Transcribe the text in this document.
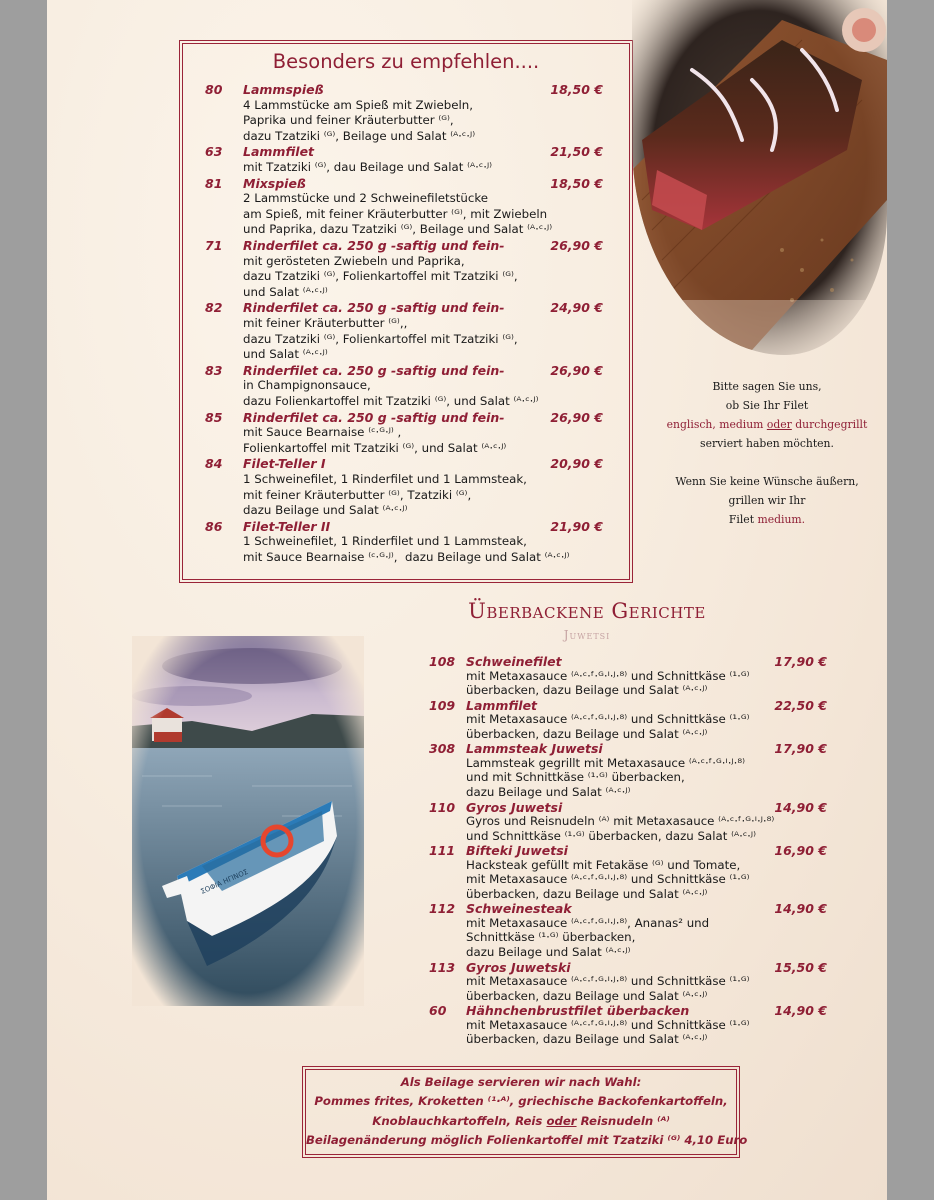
Besonders zu empfehlen....
80 Lammspieß	18,50 €
4 Lammstücke am Spieß mit Zwiebeln,
Paprika und feiner Kräuterbutter ⁽ᴳ⁾,
dazu Tzatziki ⁽ᴳ⁾, Beilage und Salat ⁽ᴬ·ᶜ·ᴶ⁾
63 Lammfilet	21,50 €
mit Tzatziki ⁽ᴳ⁾, dau Beilage und Salat ⁽ᴬ·ᶜ·ᴶ⁾
81 Mixspieß	18,50 €
2 Lammstücke und 2 Schweinefiletstücke
am Spieß, mit feiner Kräuterbutter ⁽ᴳ⁾, mit Zwiebeln
und Paprika, dazu Tzatziki ⁽ᴳ⁾, Beilage und Salat ⁽ᴬ·ᶜ·ᴶ⁾
71 Rinderfilet ca. 250 g -saftig und fein-	26,90 €
mit gerösteten Zwiebeln und Paprika,
dazu Tzatziki ⁽ᴳ⁾, Folienkartoffel mit Tzatziki ⁽ᴳ⁾,
und Salat ⁽ᴬ·ᶜ·ᴶ⁾
82 Rinderfilet ca. 250 g -saftig und fein-	24,90 €
mit feiner Kräuterbutter ⁽ᴳ⁾,,
dazu Tzatziki ⁽ᴳ⁾, Folienkartoffel mit Tzatziki ⁽ᴳ⁾,
und Salat ⁽ᴬ·ᶜ·ᴶ⁾
83 Rinderfilet ca. 250 g -saftig und fein-	26,90 €
in Champignonsauce,
dazu Folienkartoffel mit Tzatziki ⁽ᴳ⁾, und Salat ⁽ᴬ·ᶜ·ᴶ⁾
85 Rinderfilet ca. 250 g -saftig und fein-	26,90 €
mit Sauce Bearnaise ⁽ᶜ·ᴳ·ᴶ⁾ ,
Folienkartoffel mit Tzatziki ⁽ᴳ⁾, und Salat ⁽ᴬ·ᶜ·ᴶ⁾
84 Filet-Teller I	20,90 €
1 Schweinefilet, 1 Rinderfilet und 1 Lammsteak,
mit feiner Kräuterbutter ⁽ᴳ⁾, Tzatziki ⁽ᴳ⁾,
dazu Beilage und Salat ⁽ᴬ·ᶜ·ᴶ⁾
86 Filet-Teller II	21,90 €
1 Schweinefilet, 1 Rinderfilet und 1 Lammsteak,
mit Sauce Bearnaise ⁽ᶜ·ᴳ·ᴶ⁾,  dazu Beilage und Salat ⁽ᴬ·ᶜ·ᴶ⁾
Bitte sagen Sie uns,
ob Sie Ihr Filet
englisch, medium oder durchgegrillt
serviert haben möchten.
Wenn Sie keine Wünsche äußern,
grillen wir Ihr
Filet medium.
Überbackene Gerichte
Juwetsi
108 Schweinefilet	17,90 €
mit Metaxasauce ⁽ᴬ·ᶜ·ᶠ·ᴳ·ᴵ·ᴶ·⁸⁾ und Schnittkäse ⁽¹·ᴳ⁾
überbacken, dazu Beilage und Salat ⁽ᴬ·ᶜ·ᴶ⁾
109 Lammfilet	22,50 €
mit Metaxasauce ⁽ᴬ·ᶜ·ᶠ·ᴳ·ᴵ·ᴶ·⁸⁾ und Schnittkäse ⁽¹·ᴳ⁾
überbacken, dazu Beilage und Salat ⁽ᴬ·ᶜ·ᴶ⁾
308 Lammsteak Juwetsi	17,90 €
Lammsteak gegrillt mit Metaxasauce ⁽ᴬ·ᶜ·ᶠ·ᴳ·ᴵ·ᴶ·⁸⁾
und mit Schnittkäse ⁽¹·ᴳ⁾ überbacken,
dazu Beilage und Salat ⁽ᴬ·ᶜ·ᴶ⁾
110 Gyros Juwetsi	14,90 €
Gyros und Reisnudeln ⁽ᴬ⁾ mit Metaxasauce ⁽ᴬ·ᶜ·ᶠ·ᴳ·ᴵ·ᴶ·⁸⁾
und Schnittkäse ⁽¹·ᴳ⁾ überbacken, dazu Salat ⁽ᴬ·ᶜ·ᴶ⁾
111 Bifteki Juwetsi	16,90 €
Hacksteak gefüllt mit Fetakäse ⁽ᴳ⁾ und Tomate,
mit Metaxasauce ⁽ᴬ·ᶜ·ᶠ·ᴳ·ᴵ·ᴶ·⁸⁾ und Schnittkäse ⁽¹·ᴳ⁾
überbacken, dazu Beilage und Salat ⁽ᴬ·ᶜ·ᴶ⁾
112 Schweinesteak	14,90 €
mit Metaxasauce ⁽ᴬ·ᶜ·ᶠ·ᴳ·ᴵ·ᴶ·⁸⁾, Ananas² und
Schnittkäse ⁽¹·ᴳ⁾ überbacken,
dazu Beilage und Salat ⁽ᴬ·ᶜ·ᴶ⁾
113 Gyros Juwetski	15,50 €
mit Metaxasauce ⁽ᴬ·ᶜ·ᶠ·ᴳ·ᴵ·ᴶ·⁸⁾ und Schnittkäse ⁽¹·ᴳ⁾
überbacken, dazu Beilage und Salat ⁽ᴬ·ᶜ·ᴶ⁾
60 Hähnchenbrustfilet überbacken	14,90 €
mit Metaxasauce ⁽ᴬ·ᶜ·ᶠ·ᴳ·ᴵ·ᴶ·⁸⁾ und Schnittkäse ⁽¹·ᴳ⁾
überbacken, dazu Beilage und Salat ⁽ᴬ·ᶜ·ᴶ⁾
Als Beilage servieren wir nach Wahl:
Pommes frites, Kroketten ⁽¹·ᴬ⁾, griechische Backofenkartoffeln,
Knoblauchkartoffeln, Reis oder Reisnudeln ⁽ᴬ⁾
Beilagenänderung möglich Folienkartoffel mit Tzatziki ⁽ᴳ⁾ 4,10 Euro
